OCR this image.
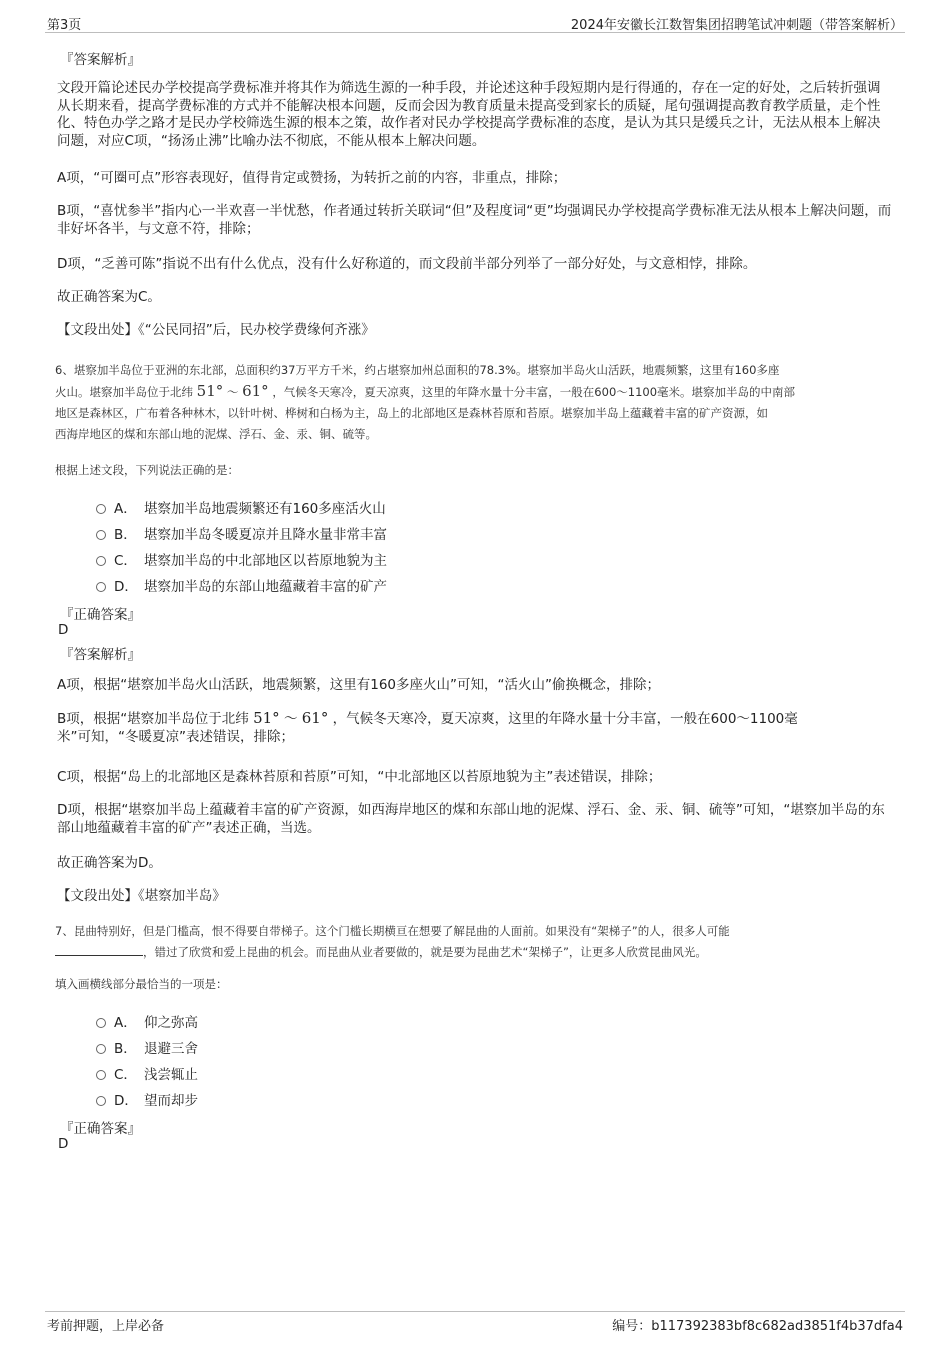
第3页	2024年安徽长江数智集团招聘笔试冲刺题（带答案解析）
『答案解析』
文段开篇论述民办学校提高学费标准并将其作为筛选生源的一种手段，并论述这种手段短期内是行得通的，存在一定的好处，之后转折强调从长期来看，提高学费标准的方式并不能解决根本问题，反而会因为教育质量未提高受到家长的质疑，尾句强调提高教育教学质量，走个性化、特色办学之路才是民办学校筛选生源的根本之策，故作者对民办学校提高学费标准的态度，是认为其只是缓兵之计，无法从根本上解决问题，对应C项，“扬汤止沸”比喻办法不彻底，不能从根本上解决问题。
A项，“可圈可点”形容表现好，值得肯定或赞扬，为转折之前的内容，非重点，排除；
B项，“喜忧参半”指内心一半欢喜一半忧愁，作者通过转折关联词“但”及程度词“更”均强调民办学校提高学费标准无法从根本上解决问题，而非好坏各半，与文意不符，排除；
D项，“乏善可陈”指说不出有什么优点，没有什么好称道的，而文段前半部分列举了一部分好处，与文意相悖，排除。
故正确答案为C。
【文段出处】《“公民同招”后，民办校学费缘何齐涨》
6、堪察加半岛位于亚洲的东北部，总面积约37万平方千米，约占堪察加州总面积的78.3%。堪察加半岛火山活跃，地震频繁，这里有160多座
火山。堪察加半岛位于北纬 51° ～ 61° ，气候冬天寒冷，夏天凉爽，这里的年降水量十分丰富，一般在600～1100毫米。堪察加半岛的中南部
地区是森林区，广布着各种林木，以针叶树、桦树和白杨为主，岛上的北部地区是森林苔原和苔原。堪察加半岛上蕴藏着丰富的矿产资源，如
西海岸地区的煤和东部山地的泥煤、浮石、金、汞、铜、硫等。
根据上述文段，下列说法正确的是：
A． 堪察加半岛地震频繁还有160多座活火山
B． 堪察加半岛冬暖夏凉并且降水量非常丰富
C． 堪察加半岛的中北部地区以苔原地貌为主
D． 堪察加半岛的东部山地蕴藏着丰富的矿产
『正确答案』
D
『答案解析』
A项，根据“堪察加半岛火山活跃，地震频繁，这里有160多座火山”可知，“活火山”偷换概念，排除；
B项，根据“堪察加半岛位于北纬 51° ～ 61° ，气候冬天寒冷，夏天凉爽，这里的年降水量十分丰富，一般在600～1100毫
米”可知，“冬暖夏凉”表述错误，排除；
C项，根据“岛上的北部地区是森林苔原和苔原”可知，“中北部地区以苔原地貌为主”表述错误，排除；
D项，根据“堪察加半岛上蕴藏着丰富的矿产资源，如西海岸地区的煤和东部山地的泥煤、浮石、金、汞、铜、硫等”可知，“堪察加半岛的东部山地蕴藏着丰富的矿产”表述正确，当选。
故正确答案为D。
【文段出处】《堪察加半岛》
7、昆曲特别好，但是门槛高，恨不得要自带梯子。这个门槛长期横亘在想要了解昆曲的人面前。如果没有“架梯子”的人，很多人可能
，错过了欣赏和爱上昆曲的机会。而昆曲从业者要做的，就是要为昆曲艺术“架梯子”，让更多人欣赏昆曲风光。
填入画横线部分最恰当的一项是：
A． 仰之弥高
B． 退避三舍
C． 浅尝辄止
D． 望而却步
『正确答案』
D
考前押题，上岸必备	编号：b117392383bf8c682ad3851f4b37dfa4
